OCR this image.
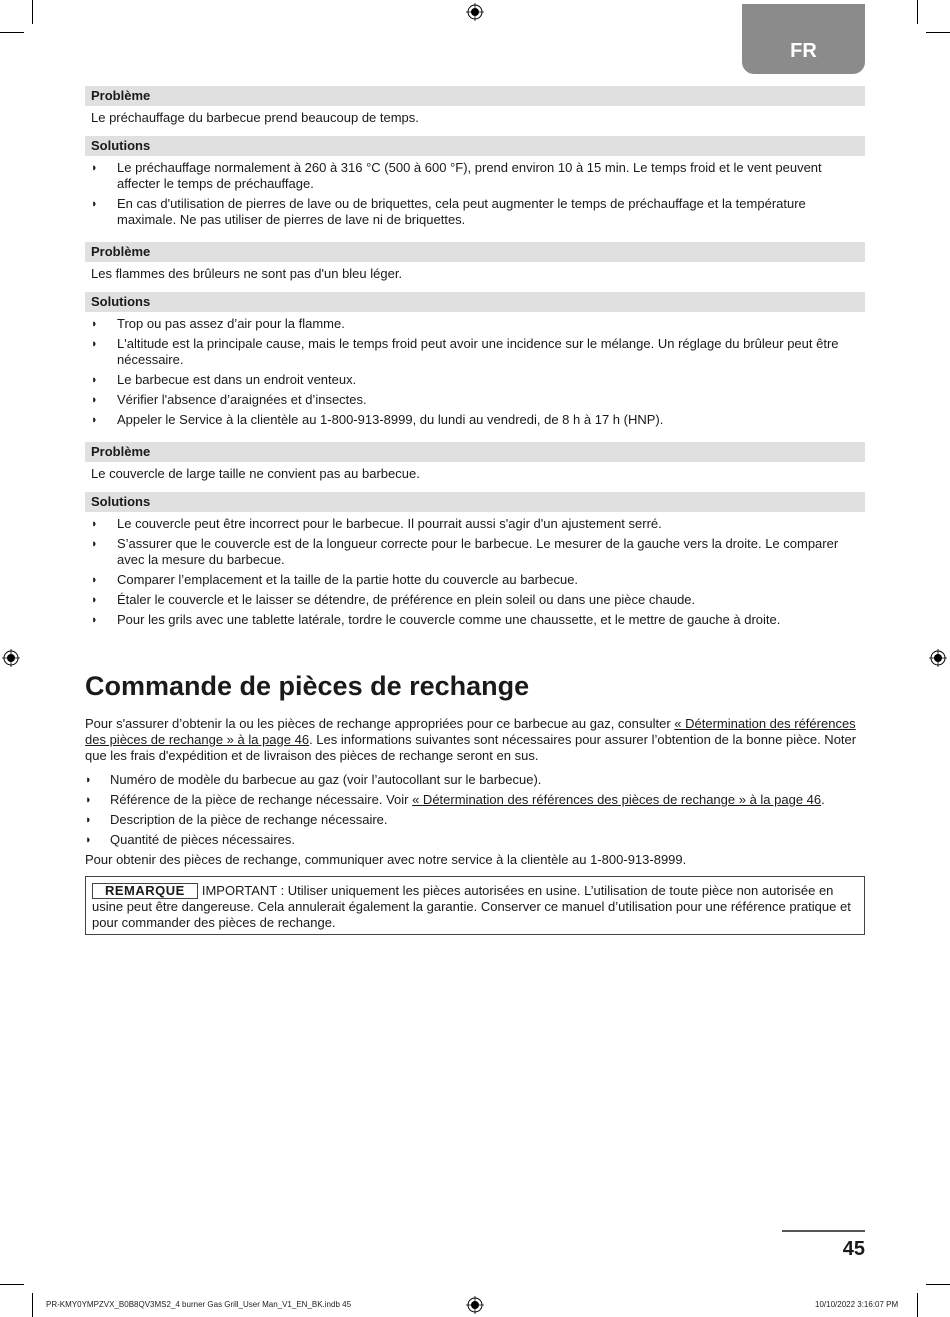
FR
Problème
Le préchauffage du barbecue prend beaucoup de temps.
Solutions
◗ Le préchauffage normalement à 260 à 316 °C (500 à 600 °F), prend environ 10 à 15 min. Le temps froid et le vent peuvent affecter le temps de préchauffage.
◗ En cas d'utilisation de pierres de lave ou de briquettes, cela peut augmenter le temps de préchauffage et la température maximale. Ne pas utiliser de pierres de lave ni de briquettes.
Problème
Les flammes des brûleurs ne sont pas d'un bleu léger.
Solutions
◗ Trop ou pas assez d’air pour la flamme.
◗ L'altitude est la principale cause, mais le temps froid peut avoir une incidence sur le mélange. Un réglage du brûleur peut être nécessaire.
◗ Le barbecue est dans un endroit venteux.
◗ Vérifier l'absence d’araignées et d’insectes.
◗ Appeler le Service à la clientèle au 1-800-913-8999, du lundi au vendredi, de 8 h à 17 h (HNP).
Problème
Le couvercle de large taille ne convient pas au barbecue.
Solutions
◗ Le couvercle peut être incorrect pour le barbecue. Il pourrait aussi s'agir d'un ajustement serré.
◗ S’assurer que le couvercle est de la longueur correcte pour le barbecue. Le mesurer de la gauche vers la droite. Le comparer avec la mesure du barbecue.
◗ Comparer l’emplacement et la taille de la partie hotte du couvercle au barbecue.
◗ Étaler le couvercle et le laisser se détendre, de préférence en plein soleil ou dans une pièce chaude.
◗ Pour les grils avec une tablette latérale, tordre le couvercle comme une chaussette, et le mettre de gauche à droite.
Commande de pièces de rechange

Pour s'assurer d’obtenir la ou les pièces de rechange appropriées pour ce barbecue au gaz, consulter « Détermination des références des pièces de rechange » à la page 46. Les informations suivantes sont nécessaires pour assurer l’obtention de la bonne pièce. Noter que les frais d'expédition et de livraison des pièces de rechange seront en sus.

◗ Numéro de modèle du barbecue au gaz (voir l’autocollant sur le barbecue).
◗ Référence de la pièce de rechange nécessaire. Voir « Détermination des références des pièces de rechange » à la page 46.
◗ Description de la pièce de rechange nécessaire.
◗ Quantité de pièces nécessaires.

Pour obtenir des pièces de rechange, communiquer avec notre service à la clientèle au 1-800-913-8999.

REMARQUE IMPORTANT : Utiliser uniquement les pièces autorisées en usine. L’utilisation de toute pièce non autorisée en usine peut être dangereuse. Cela annulerait également la garantie. Conserver ce manuel d’utilisation pour une référence pratique et pour commander des pièces de rechange.
45
PR-KMY0YMPZVX_B0B8QV3MS2_4 burner Gas Grill_User Man_V1_EN_BK.indb 45	10/10/2022 3:16:07 PM
